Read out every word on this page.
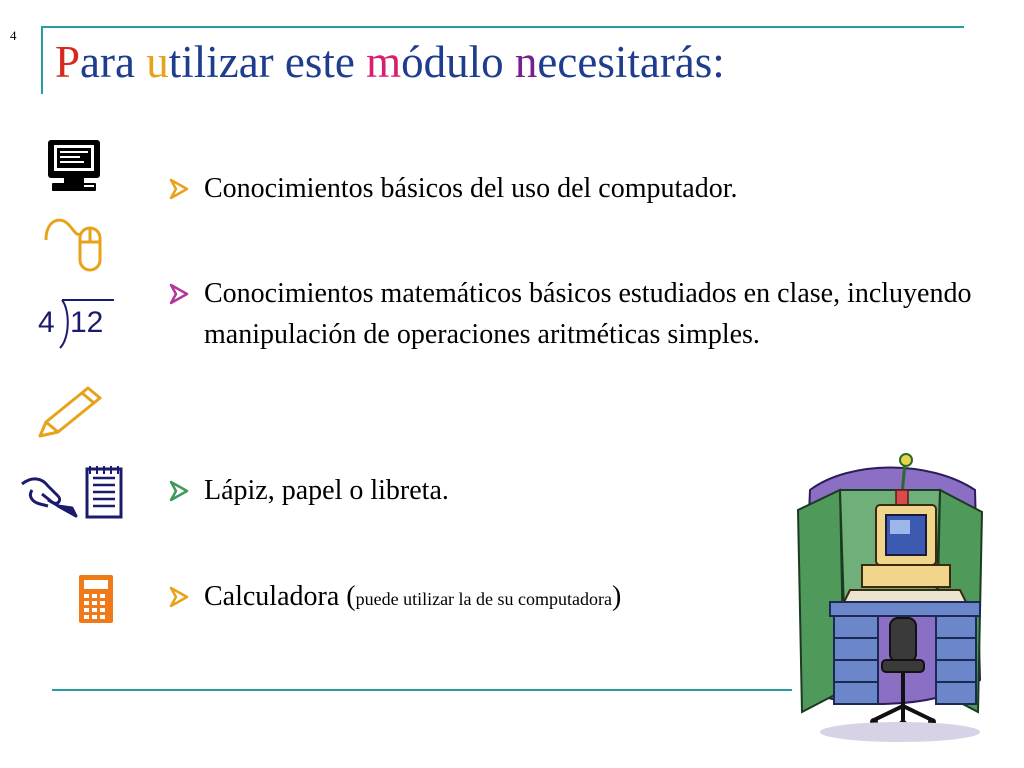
4
Para utilizar este módulo necesitarás:
4 12
Conocimientos básicos del uso del computador.
Conocimientos matemáticos básicos estudiados en clase, incluyendo manipulación de operaciones aritméticas simples.
Lápiz, papel o libreta.
Calculadora (puede utilizar la de su computadora)
